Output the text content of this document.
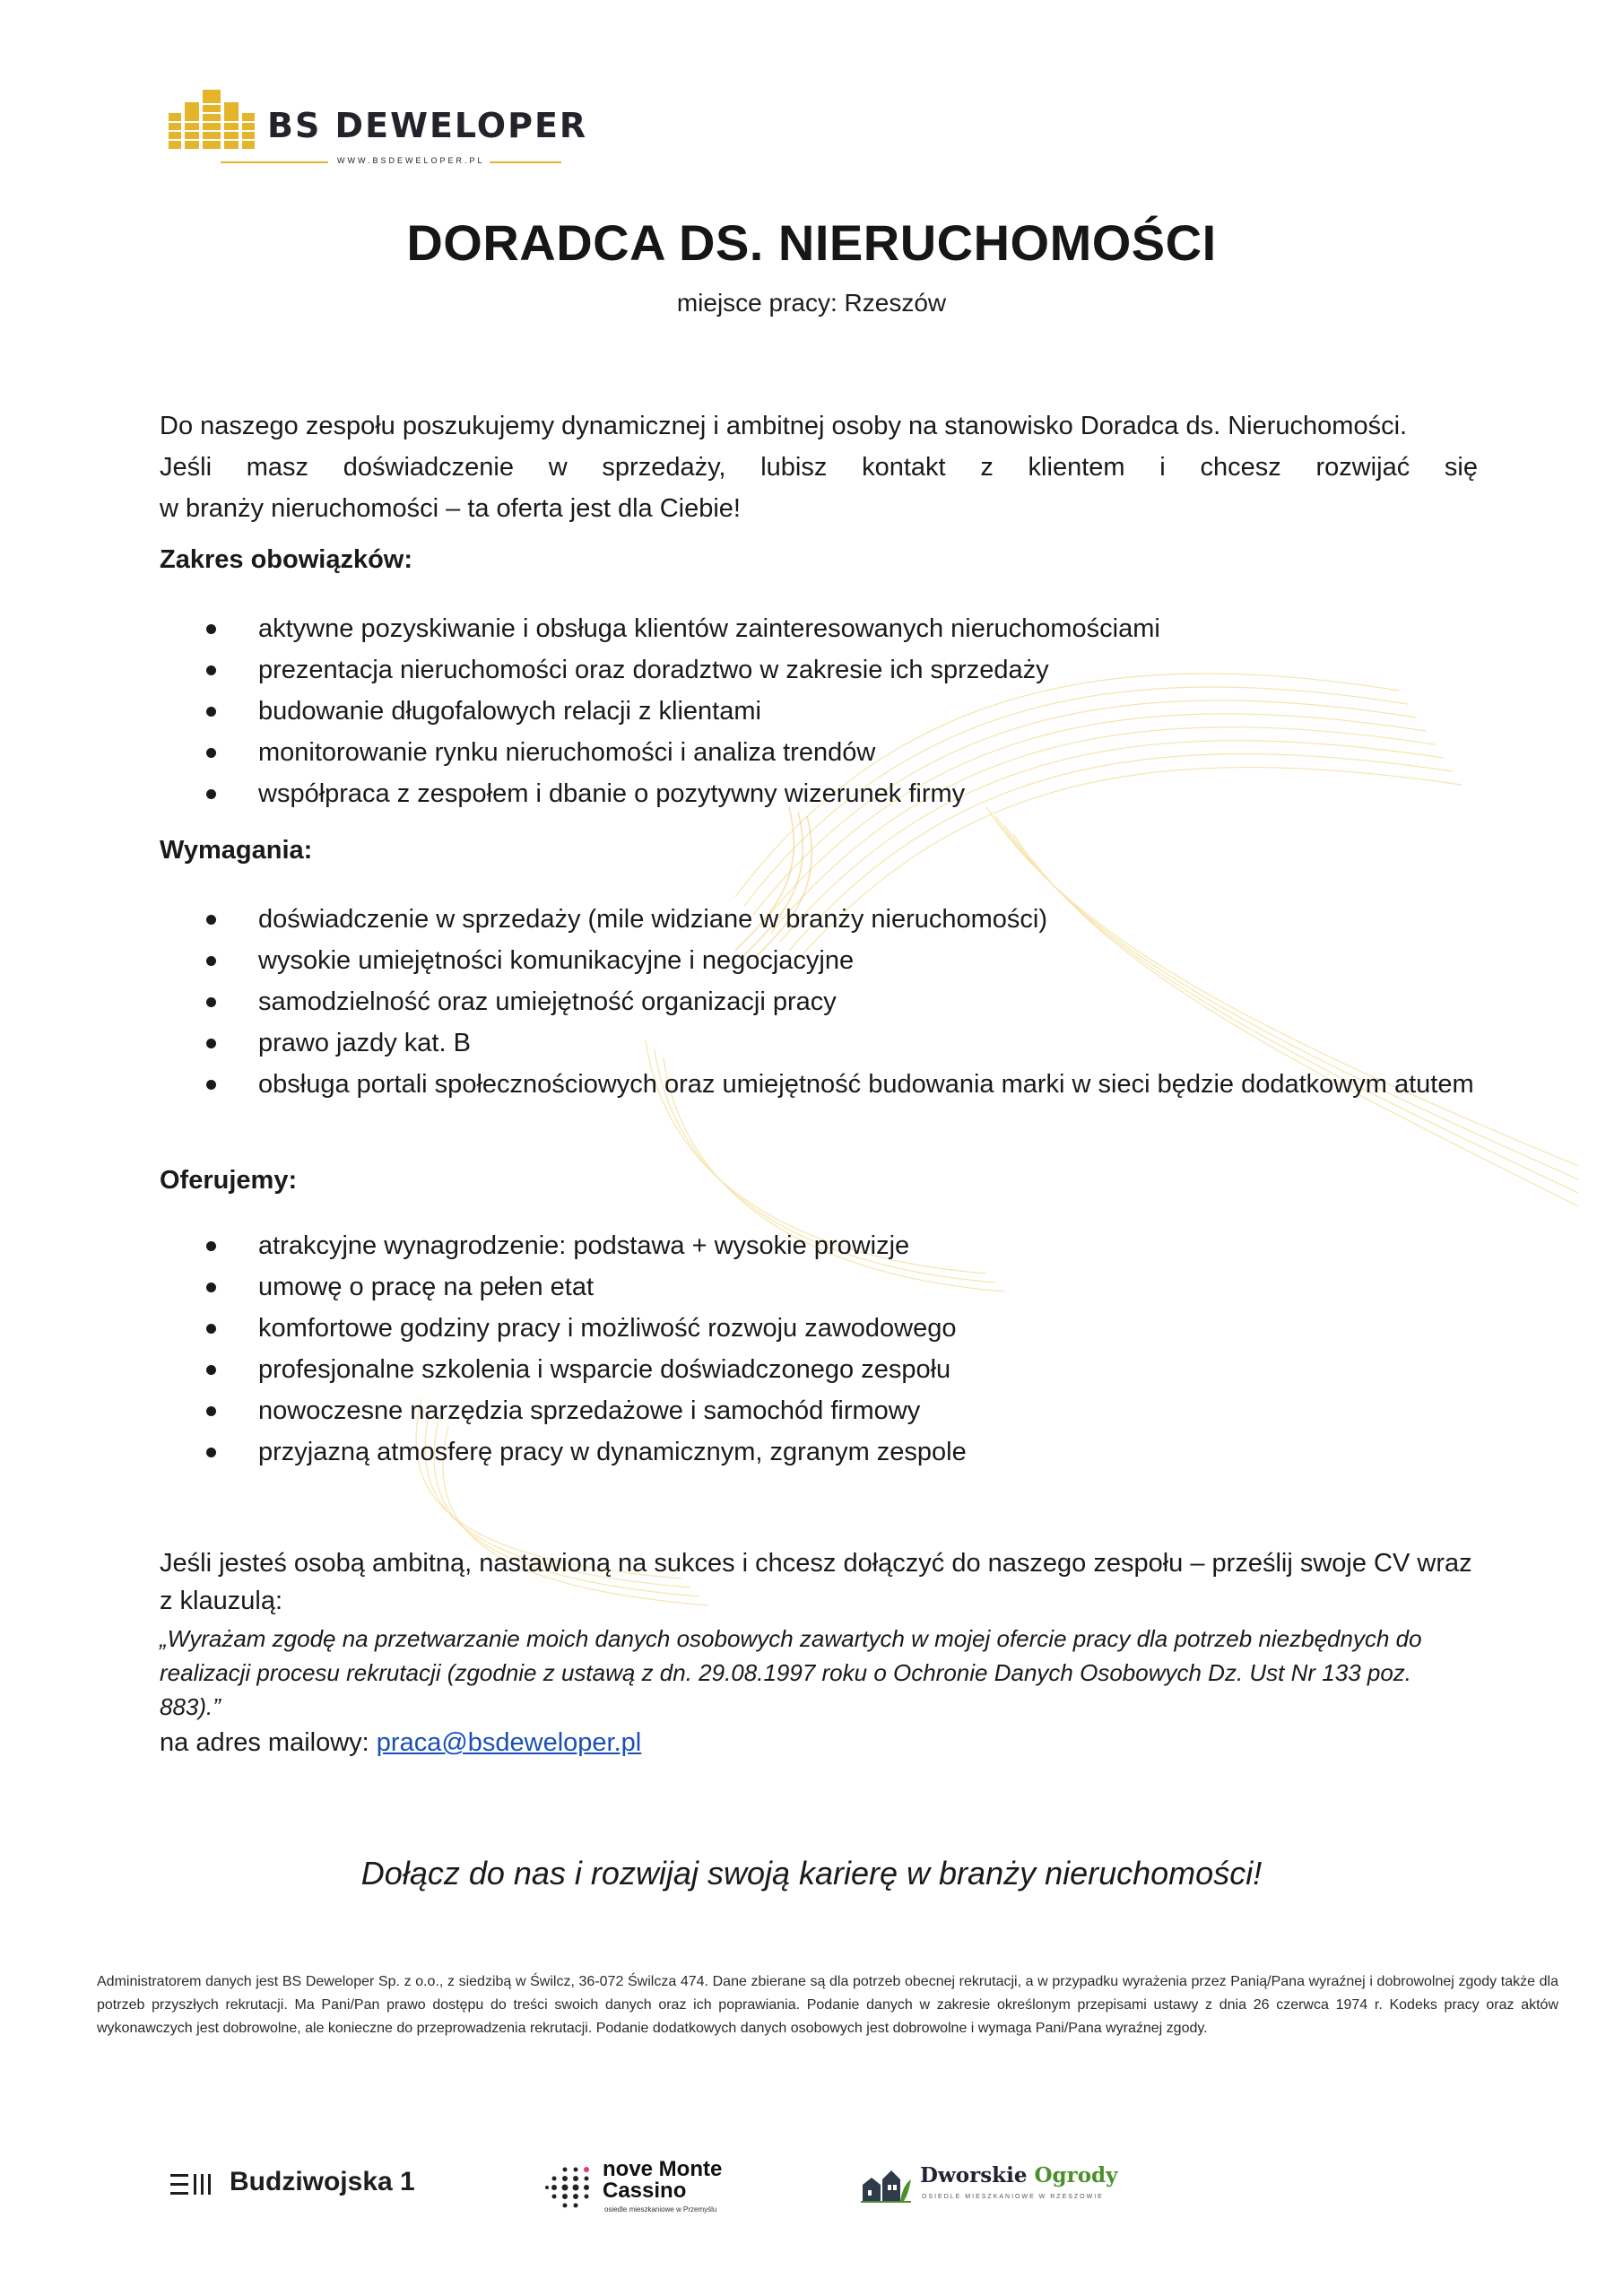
BS DEWELOPER
WWW.BSDEWELOPER.PL
DORADCA DS. NIERUCHOMOŚCI
miejsce pracy: Rzeszów
Do naszego zespołu poszukujemy dynamicznej i ambitnej osoby na stanowisko Doradca ds. Nieruchomości.
Jeśli masz doświadczenie w sprzedaży, lubisz kontakt z klientem i chcesz rozwijać się
w branży nieruchomości – ta oferta jest dla Ciebie!
Zakres obowiązków:
aktywne pozyskiwanie i obsługa klientów zainteresowanych nieruchomościami
prezentacja nieruchomości oraz doradztwo w zakresie ich sprzedaży
budowanie długofalowych relacji z klientami
monitorowanie rynku nieruchomości i analiza trendów
współpraca z zespołem i dbanie o pozytywny wizerunek firmy
Wymagania:
doświadczenie w sprzedaży (mile widziane w branży nieruchomości)
wysokie umiejętności komunikacyjne i negocjacyjne
samodzielność oraz umiejętność organizacji pracy
prawo jazdy kat. B
obsługa portali społecznościowych oraz umiejętność budowania marki w sieci będzie dodatkowym atutem
Oferujemy:
atrakcyjne wynagrodzenie: podstawa + wysokie prowizje
umowę o pracę na pełen etat
komfortowe godziny pracy i możliwość rozwoju zawodowego
profesjonalne szkolenia i wsparcie doświadczonego zespołu
nowoczesne narzędzia sprzedażowe i samochód firmowy
przyjazną atmosferę pracy w dynamicznym, zgranym zespole
Jeśli jesteś osobą ambitną, nastawioną na sukces i chcesz dołączyć do naszego zespołu – prześlij swoje CV wraz z klauzulą:
„Wyrażam zgodę na przetwarzanie moich danych osobowych zawartych w mojej ofercie pracy dla potrzeb niezbędnych do realizacji procesu rekrutacji (zgodnie z ustawą z dn. 29.08.1997 roku o Ochronie Danych Osobowych Dz. Ust Nr 133 poz. 883).”
na adres mailowy: praca@bsdeweloper.pl
Dołącz do nas i rozwijaj swoją karierę w branży nieruchomości!
Administratorem danych jest BS Deweloper Sp. z o.o., z siedzibą w Świlcz, 36-072 Świlcza 474. Dane zbierane są dla potrzeb obecnej rekrutacji, a w przypadku wyrażenia przez Panią/Pana wyraźnej i dobrowolnej zgody także dla potrzeb przyszłych rekrutacji. Ma Pani/Pan prawo dostępu do treści swoich danych oraz ich poprawiania. Podanie danych w zakresie określonym przepisami ustawy z dnia 26 czerwca 1974 r. Kodeks pracy oraz aktów wykonawczych jest dobrowolne, ale konieczne do przeprowadzenia rekrutacji. Podanie dodatkowych danych osobowych jest dobrowolne i wymaga Pani/Pana wyraźnej zgody.
Budziwojska 1	nove Monte
Cassino
osiedle mieszkaniowe w Przemyślu
Dworskie Ogrody
OSIEDLE MIESZKANIOWE W RZESZOWIE
